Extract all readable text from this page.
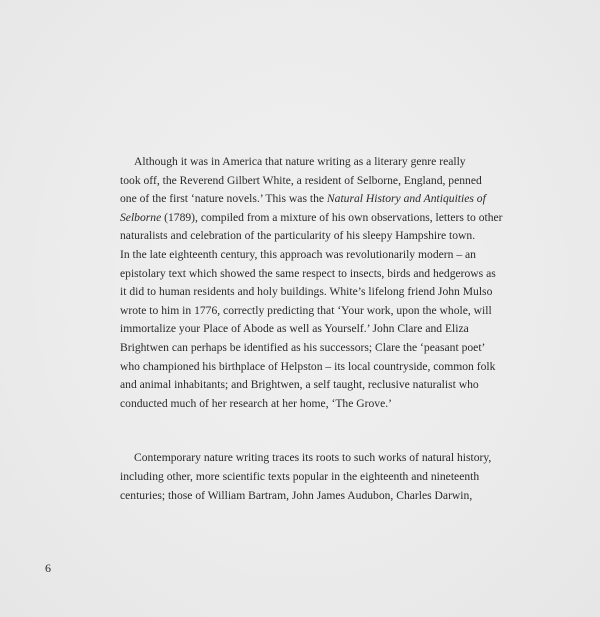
Although it was in America that nature writing as a literary genre really

took off, the Reverend Gilbert White, a resident of Selborne, England, penned

one of the first ‘nature novels.’ This was the Natural History and Antiquities of

Selborne (1789), compiled from a mixture of his own observations, letters to other

naturalists and celebration of the particularity of his sleepy Hampshire town.

In the late eighteenth century, this approach was revolutionarily modern – an

epistolary text which showed the same respect to insects, birds and hedgerows as

it did to human residents and holy buildings. White’s lifelong friend John Mulso

wrote to him in 1776, correctly predicting that ‘Your work, upon the whole, will

immortalize your Place of Abode as well as Yourself.’ John Clare and Eliza

Brightwen can perhaps be identified as his successors; Clare the ‘peasant poet’

who championed his birthplace of Helpston – its local countryside, common folk

and animal inhabitants; and Brightwen, a self taught, reclusive naturalist who

conducted much of her research at her home, ‘The Grove.’

Contemporary nature writing traces its roots to such works of natural history,

including other, more scientific texts popular in the eighteenth and nineteenth

centuries; those of William Bartram, John James Audubon, Charles Darwin,

6
